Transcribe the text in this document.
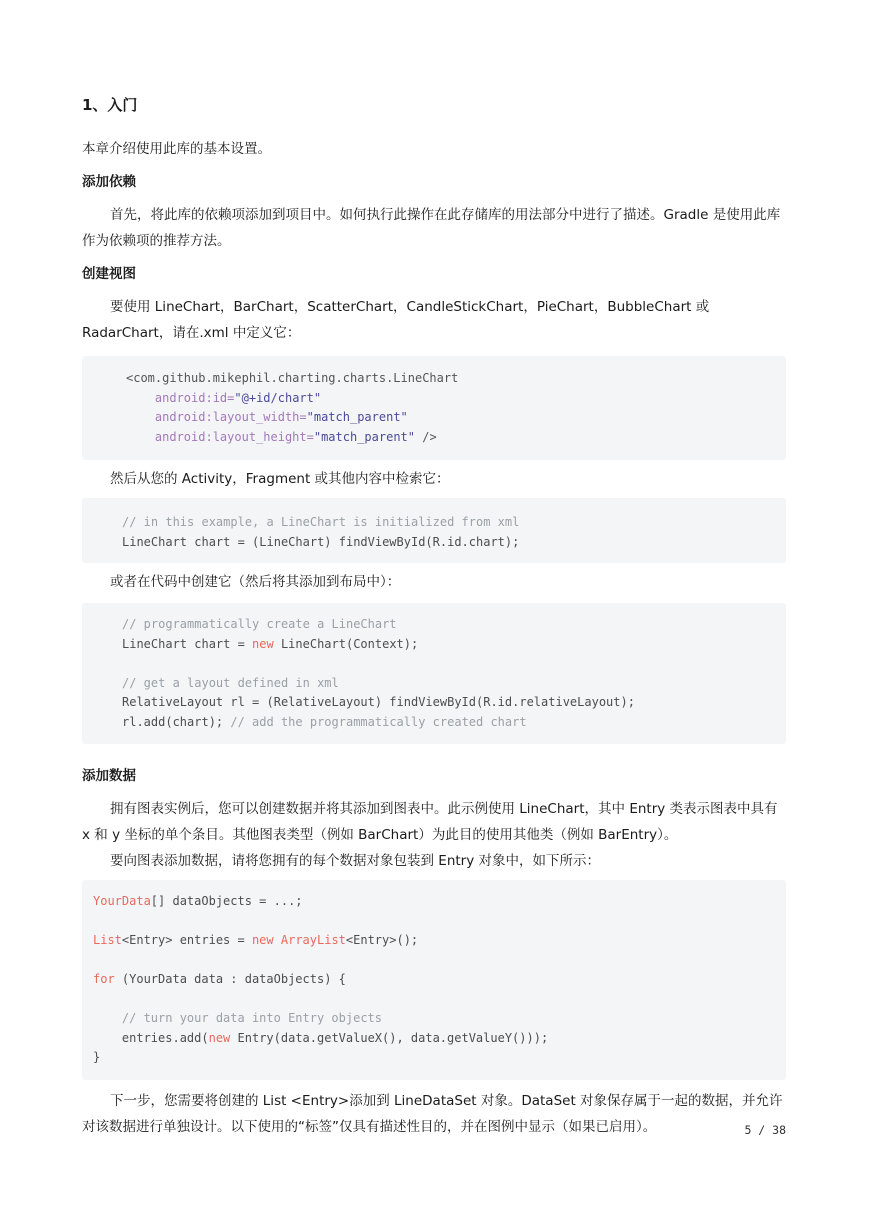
1、入门

本章介绍使用此库的基本设置。

添加依赖

首先，将此库的依赖项添加到项目中。如何执行此操作在此存储库的用法部分中进行了描述。Gradle 是使用此库作为依赖项的推荐方法。

创建视图

要使用 LineChart，BarChart，ScatterChart，CandleStickChart，PieChart，BubbleChart 或 RadarChart，请在.xml 中定义它：

<com.github.mikephil.charting.charts.LineChart
android:id="@+id/chart"
android:layout_width="match_parent"
android:layout_height="match_parent" />

然后从您的 Activity，Fragment 或其他内容中检索它：

// in this example, a LineChart is initialized from xml
LineChart chart = (LineChart) findViewById(R.id.chart);

或者在代码中创建它（然后将其添加到布局中）：

// programmatically create a LineChart
LineChart chart = new LineChart(Context);
// get a layout defined in xml
RelativeLayout rl = (RelativeLayout) findViewById(R.id.relativeLayout);
rl.add(chart); // add the programmatically created chart
添加数据

拥有图表实例后，您可以创建数据并将其添加到图表中。此示例使用 LineChart，其中 Entry 类表示图表中具有 x 和 y 坐标的单个条目。其他图表类型（例如 BarChart）为此目的使用其他类（例如 BarEntry）。

要向图表添加数据，请将您拥有的每个数据对象包装到 Entry 对象中，如下所示：

YourData[] dataObjects = ...;
List<Entry> entries = new ArrayList<Entry>();
for (YourData data : dataObjects) {
// turn your data into Entry objects
entries.add(new Entry(data.getValueX(), data.getValueY()));
}

下一步，您需要将创建的 List <Entry>添加到 LineDataSet 对象。DataSet 对象保存属于一起的数据，并允许对该数据进行单独设计。以下使用的“标签”仅具有描述性目的，并在图例中显示（如果已启用）。	5 / 38
